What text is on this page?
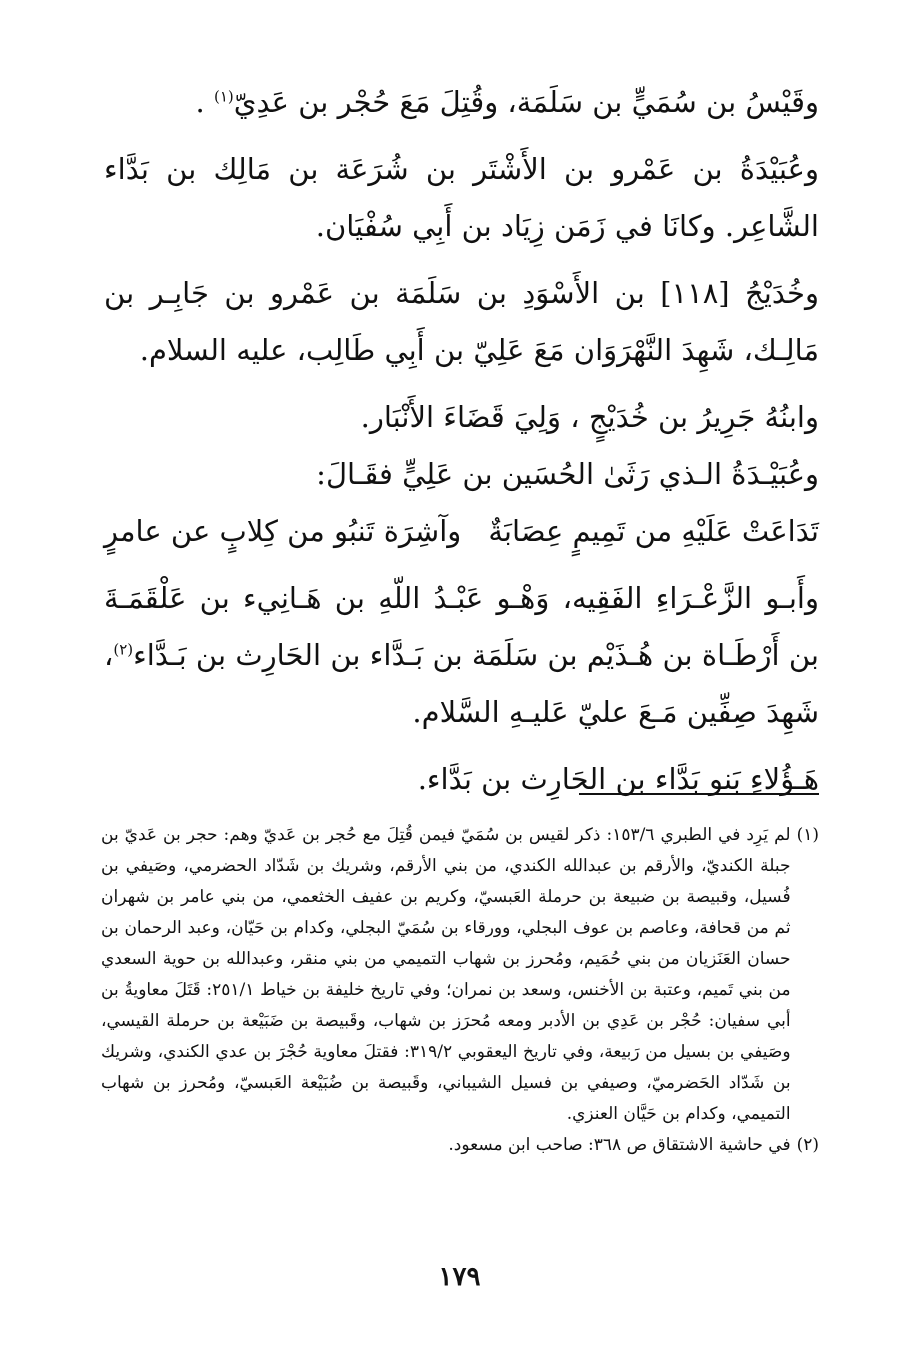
وقَيْسُ بن سُمَيٍّ بن سَلَمَة، وقُتِلَ مَعَ حُجْر بن عَدِيّ$^{(١)}$ .

وعُبَيْدَةُ بن عَمْرو بن الأَشْتَر بن شُرَعَة بن مَالِك بن بَدَّاء الشَّاعِر. وكانَا في زَمَن زِيَاد بن أَبِي سُفْيَان.

وخُدَيْجُ [١١٨] بن الأَسْوَدِ بن سَلَمَة بن عَمْرو بن جَابِـر بن مَالِـك، شَهِدَ النَّهْرَوَان مَعَ عَلِيّ بن أَبِي طَالِب، عليه السلام.

وابنُهُ جَرِيرُ بن خُدَيْجٍ ، وَلِيَ قَضَاءَ الأَنْبَار.

وعُبَيْـدَةُ الـذي رَثَىٰ الحُسَين بن عَلِيٍّ فقَـالَ:

تَدَاعَتْ عَلَيْهِ من تَمِيمٍ عِصَابَةٌ
وآشِرَة تَنبُو من كِلابٍ عن عامرٍ

وأَبـو الزَّعْـرَاءِ الفَقِيه، وَهْـو عَبْـدُ اللّهِ بن هَـانِيء بن عَلْقَمَـةَ بن أَرْطَـاة بن هُـذَيْم بن سَلَمَة بن بَـدَّاء بن الحَارِث بن بَـدَّاء$^{(٢)}$، شَهِدَ صِفِّين مَـعَ عليّ عَليـهِ السَّلام.

هَـؤُلاءِ بَنو بَدَّاء بن الحَارِث بن بَدَّاء.

(١)
لم يَرِد في الطبري ١٥٣/٦: ذكر لقيس بن سُمَيّ فيمن قُتِلَ مع حُجر بن عَديّ وهم: حجر بن عَديّ بن جبلة الكنديّ، والأرقم بن عبدالله الكندي، من بني الأرقم، وشريك بن شَدّاد الحضرمي، وصَيفي بن فُسيل، وقبيصة بن ضبيعة بن حرملة العَبسيّ، وكريم بن عفيف الخثعمي، من بني عامر بن شهران ثم من قحافة، وعاصم بن عوف البجلي، وورقاء بن سُمَيّ البجلي، وكدام بن حَيّان، وعبد الرحمان بن حسان العَنَزيان من بني حُمَيم، ومُحرز بن شهاب التميمي من بني منقر، وعبدالله بن حوية السعدي من بني تَميم، وعتبة بن الأخنس، وسعد بن نمران؛ وفي تاريخ خليفة بن خياط ٢٥١/١: قَتَلَ معاويةُ بن أبي سفيان: حُجْر بن عَدِي بن الأدبر ومعه مُحرَز بن شهاب، وقَبيصة بن ضَبَيْعة بن حرملة القيسي، وصَيفي بن بسيل من رَبيعة، وفي تاريخ اليعقوبي ٣١٩/٢: فقتلَ معاوية حُجْرَ بن عدي الكندي، وشريك بن شَدّاد الحَضرميّ، وصيفي بن فسيل الشيباني، وقَبيصة بن ضُبَيْعة العَبسيّ، ومُحرز بن شهاب التميمي، وكدام بن حَيَّان العنزي.
(٢)
في حاشية الاشتقاق ص ٣٦٨: صاحب ابن مسعود.
١٧٩
